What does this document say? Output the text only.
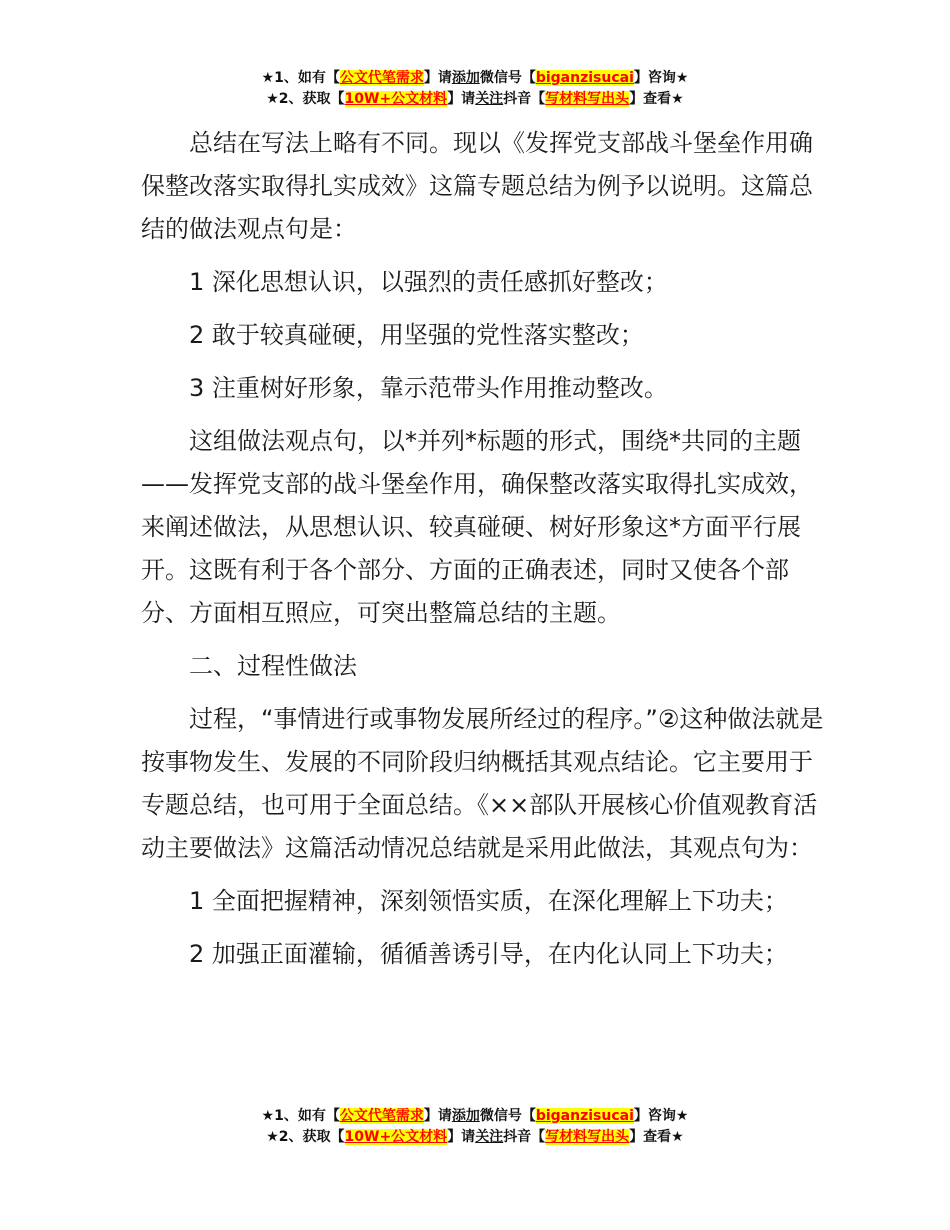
★1、如有【公文代笔需求】请添加微信号【biganzisucai】咨询★
★2、获取【10W+公文材料】请关注抖音【写材料写出头】查看★

总结在写法上略有不同。现以《发挥党支部战斗堡垒作用确保整改落实取得扎实成效》这篇专题总结为例予以说明。这篇总结的做法观点句是：

1 深化思想认识，以强烈的责任感抓好整改；

2 敢于较真碰硬，用坚强的党性落实整改；

3 注重树好形象，靠示范带头作用推动整改。

这组做法观点句，以*并列*标题的形式，围绕*共同的主题——发挥党支部的战斗堡垒作用，确保整改落实取得扎实成效，来阐述做法，从思想认识、较真碰硬、树好形象这*方面平行展开。这既有利于各个部分、方面的正确表述，同时又使各个部分、方面相互照应，可突出整篇总结的主题。

二、过程性做法

过程，“事情进行或事物发展所经过的程序。”②这种做法就是按事物发生、发展的不同阶段归纳概括其观点结论。它主要用于专题总结，也可用于全面总结。《××部队开展核心价值观教育活动主要做法》这篇活动情况总结就是采用此做法，其观点句为：

1 全面把握精神，深刻领悟实质，在深化理解上下功夫；

2 加强正面灌输，循循善诱引导，在内化认同上下功夫；

★1、如有【公文代笔需求】请添加微信号【biganzisucai】咨询★
★2、获取【10W+公文材料】请关注抖音【写材料写出头】查看★
